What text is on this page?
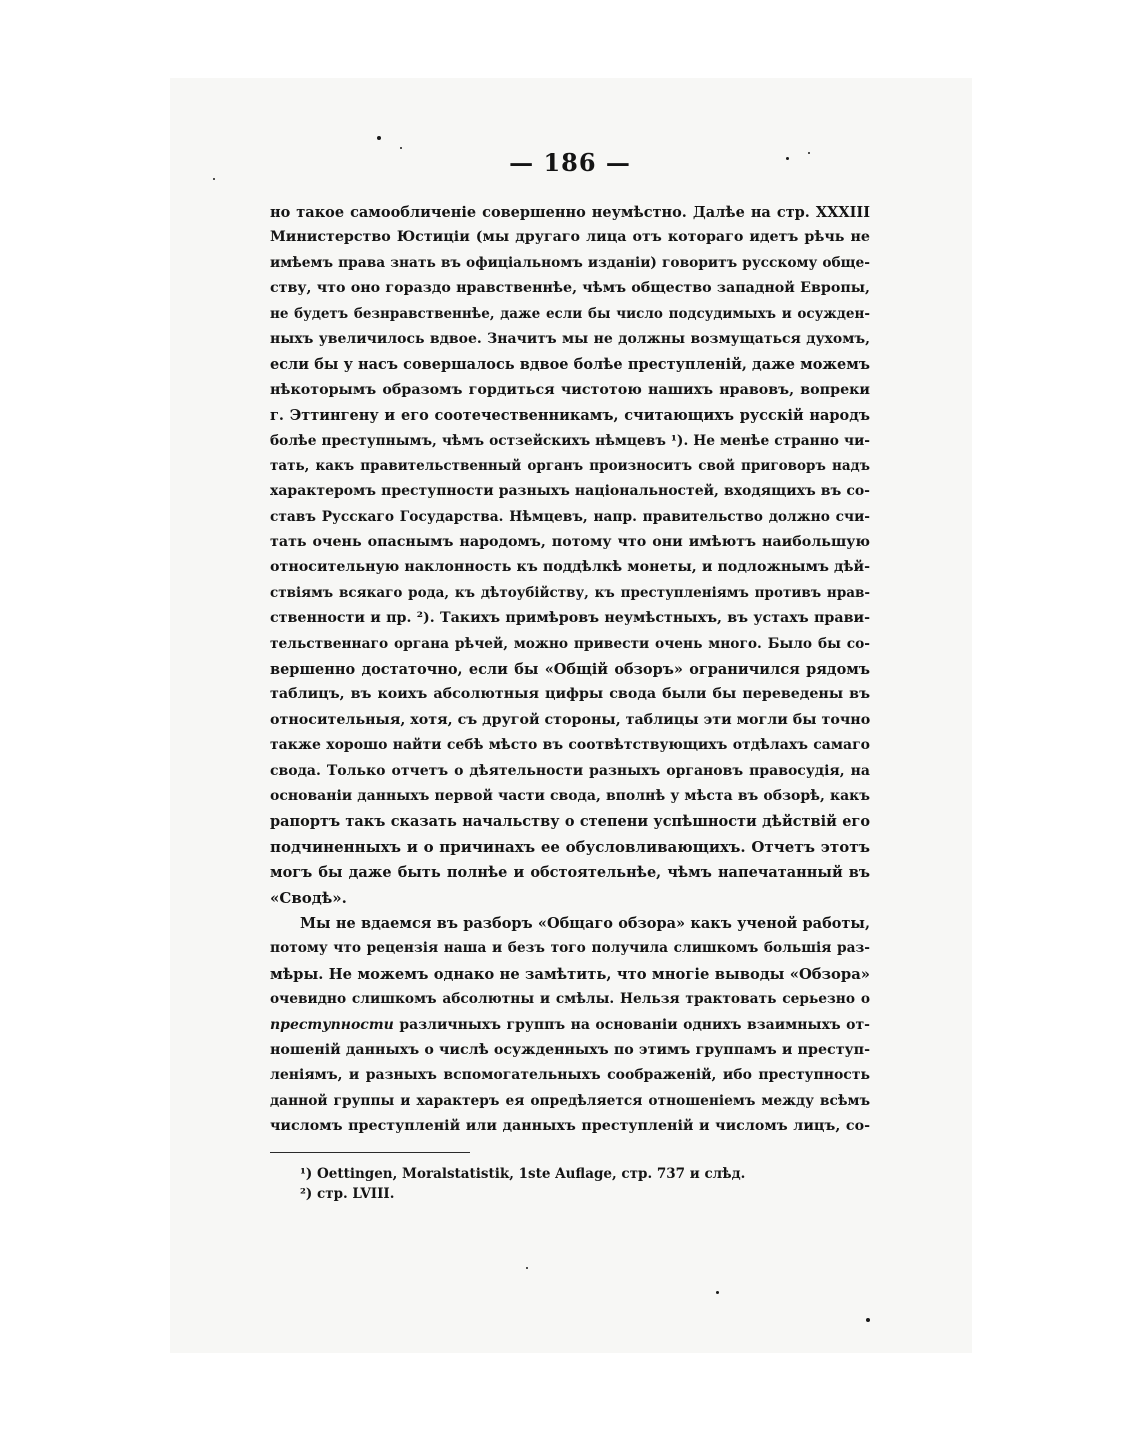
— 186 —
но такое самообличеніе совершенно неумѣстно. Далѣе на стр. XXXIII
Министерство Юстиціи (мы другаго лица отъ котораго идетъ рѣчь не
имѣемъ права знать въ офиціальномъ изданіи) говоритъ русскому обще-
ству, что оно гораздо нравственнѣе, чѣмъ общество западной Европы,
не будетъ безнравственнѣе, даже если бы число подсудимыхъ и осужден-
ныхъ увеличилось вдвое. Значитъ мы не должны возмущаться духомъ,
если бы у насъ совершалось вдвое болѣе преступленій, даже можемъ
нѣкоторымъ образомъ гордиться чистотою нашихъ нравовъ, вопреки
г. Эттингену и его соотечественникамъ, считающихъ русскій народъ
болѣе преступнымъ, чѣмъ остзейскихъ нѣмцевъ ¹). Не менѣе странно чи-
тать, какъ правительственный органъ произноситъ свой приговоръ надъ
характеромъ преступности разныхъ національностей, входящихъ въ со-
ставъ Русскаго Государства. Нѣмцевъ, напр. правительство должно счи-
тать очень опаснымъ народомъ, потому что они имѣютъ наибольшую
относительную наклонность къ поддѣлкѣ монеты, и подложнымъ дѣй-
ствіямъ всякаго рода, къ дѣтоубійству, къ преступленіямъ противъ нрав-
ственности и пр. ²). Такихъ примѣровъ неумѣстныхъ, въ устахъ прави-
тельственнаго органа рѣчей, можно привести очень много. Было бы со-
вершенно достаточно, если бы «Общій обзоръ» ограничился рядомъ
таблицъ, въ коихъ абсолютныя цифры свода были бы переведены въ
относительныя, хотя, съ другой стороны, таблицы эти могли бы точно
также хорошо найти себѣ мѣсто въ соотвѣтствующихъ отдѣлахъ самаго
свода. Только отчетъ о дѣятельности разныхъ органовъ правосудія, на
основаніи данныхъ первой части свода, вполнѣ у мѣста въ обзорѣ, какъ
рапортъ такъ сказать начальству о степени успѣшности дѣйствій его
подчиненныхъ и о причинахъ ее обусловливающихъ. Отчетъ этотъ
могъ бы даже быть полнѣе и обстоятельнѣе, чѣмъ напечатанный въ
«Сводѣ».
Мы не вдаемся въ разборъ «Общаго обзора» какъ ученой работы,
потому что рецензія наша и безъ того получила слишкомъ большія раз-
мѣры. Не можемъ однако не замѣтить, что многіе выводы «Обзора»
очевидно слишкомъ абсолютны и смѣлы. Нельзя трактовать серьезно о
преступности различныхъ группъ на основаніи однихъ взаимныхъ от-
ношеній данныхъ о числѣ осужденныхъ по этимъ группамъ и преступ-
леніямъ, и разныхъ вспомогательныхъ соображеній, ибо преступность
данной группы и характеръ ея опредѣляется отношеніемъ между всѣмъ
числомъ преступленій или данныхъ преступленій и числомъ лицъ, со-
¹) Oettingen, Moralstatistik, 1ste Auflage, стр. 737 и слѣд.
²) стр. LVIII.
